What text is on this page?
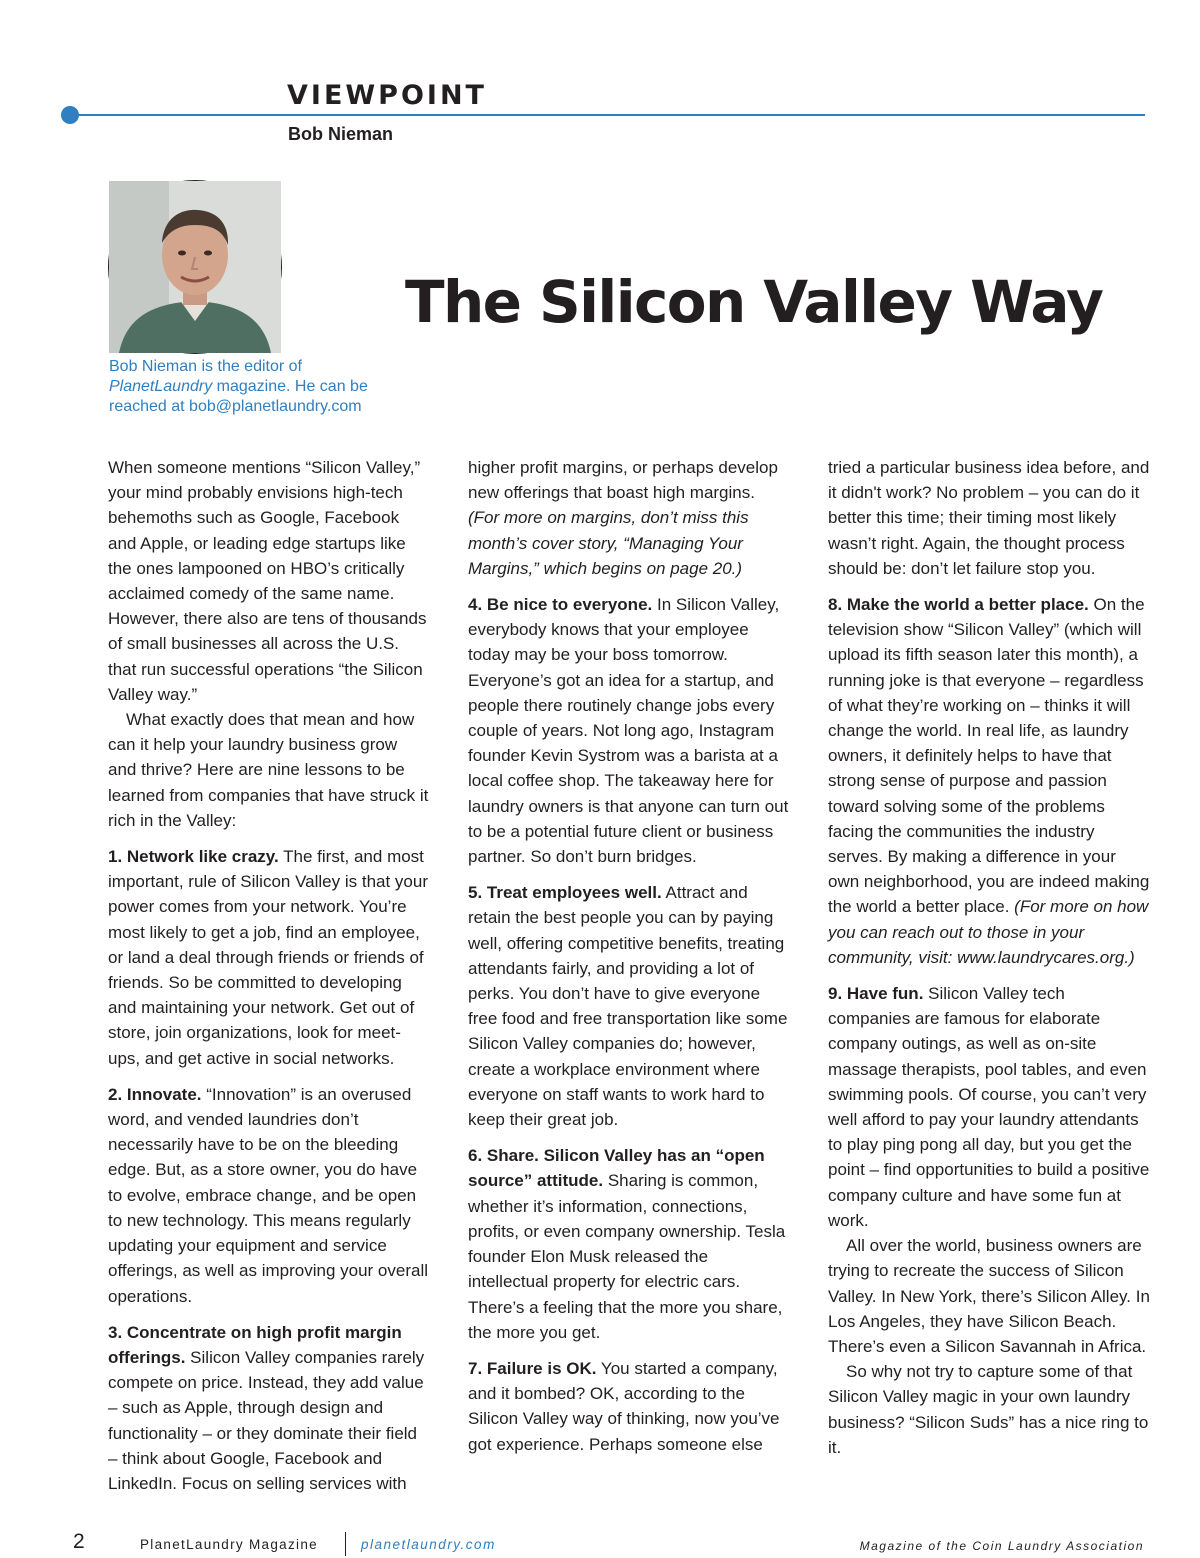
VIEWPOINT
Bob Nieman
Bob Nieman is the editor of
PlanetLaundry magazine. He can be
reached at bob@planetlaundry.com
The Silicon Valley Way

When someone mentions “Silicon Valley,” your mind probably envisions high-tech behemoths such as Google, Facebook and Apple, or leading edge startups like the ones lampooned on HBO’s critically acclaimed comedy of the same name. However, there also are tens of thousands of small businesses all across the U.S. that run successful operations “the Silicon Valley way.”

What exactly does that mean and how can it help your laundry business grow and thrive? Here are nine lessons to be learned from companies that have struck it rich in the Valley:

1. Network like crazy. The first, and most important, rule of Silicon Valley is that your power comes from your network. You’re most likely to get a job, find an employee, or land a deal through friends or friends of friends. So be committed to developing and maintaining your network. Get out of store, join organizations, look for meet-ups, and get active in social networks.

2. Innovate. “Innovation” is an overused word, and vended laundries don’t necessarily have to be on the bleeding edge. But, as a store owner, you do have to evolve, embrace change, and be open to new technology. This means regularly updating your equipment and service offerings, as well as improving your overall operations.

3. Concentrate on high profit margin offerings. Silicon Valley companies rarely compete on price. Instead, they add value – such as Apple, through design and functionality – or they dominate their field – think about Google, Facebook and LinkedIn. Focus on selling services with

higher profit margins, or perhaps develop new offerings that boast high margins. (For more on margins, don’t miss this month’s cover story, “Managing Your Margins,” which begins on page 20.)

4. Be nice to everyone. In Silicon Valley, everybody knows that your employee today may be your boss tomorrow. Everyone’s got an idea for a startup, and people there routinely change jobs every couple of years. Not long ago, Instagram founder Kevin Systrom was a barista at a local coffee shop. The takeaway here for laundry owners is that anyone can turn out to be a potential future client or business partner. So don’t burn bridges.

5. Treat employees well. Attract and retain the best people you can by paying well, offering competitive benefits, treating attendants fairly, and providing a lot of perks. You don’t have to give everyone free food and free transportation like some Silicon Valley companies do; however, create a workplace environment where everyone on staff wants to work hard to keep their great job.

6. Share. Silicon Valley has an “open source” attitude. Sharing is common, whether it’s information, connections, profits, or even company ownership. Tesla founder Elon Musk released the intellectual property for electric cars. There’s a feeling that the more you share, the more you get.

7. Failure is OK. You started a company, and it bombed? OK, according to the Silicon Valley way of thinking, now you’ve got experience. Perhaps someone else

tried a particular business idea before, and it didn't work? No problem – you can do it better this time; their timing most likely wasn’t right. Again, the thought process should be: don’t let failure stop you.

8. Make the world a better place. On the television show “Silicon Valley” (which will upload its fifth season later this month), a running joke is that everyone – regardless of what they’re working on – thinks it will change the world. In real life, as laundry owners, it definitely helps to have that strong sense of purpose and passion toward solving some of the problems facing the communities the industry serves. By making a difference in your own neighborhood, you are indeed making the world a better place. (For more on how you can reach out to those in your community, visit: www.laundrycares.org.)

9. Have fun. Silicon Valley tech companies are famous for elaborate company outings, as well as on-site massage therapists, pool tables, and even swimming pools. Of course, you can’t very well afford to pay your laundry attendants to play ping pong all day, but you get the point – find opportunities to build a positive company culture and have some fun at work.

All over the world, business owners are trying to recreate the success of Silicon Valley. In New York, there’s Silicon Alley. In Los Angeles, they have Silicon Beach. There’s even a Silicon Savannah in Africa.

So why not try to capture some of that Silicon Valley magic in your own laundry business? “Silicon Suds” has a nice ring to it.

2	PlanetLaundry Magazine	planetlaundry.com	Magazine of the Coin Laundry Association
